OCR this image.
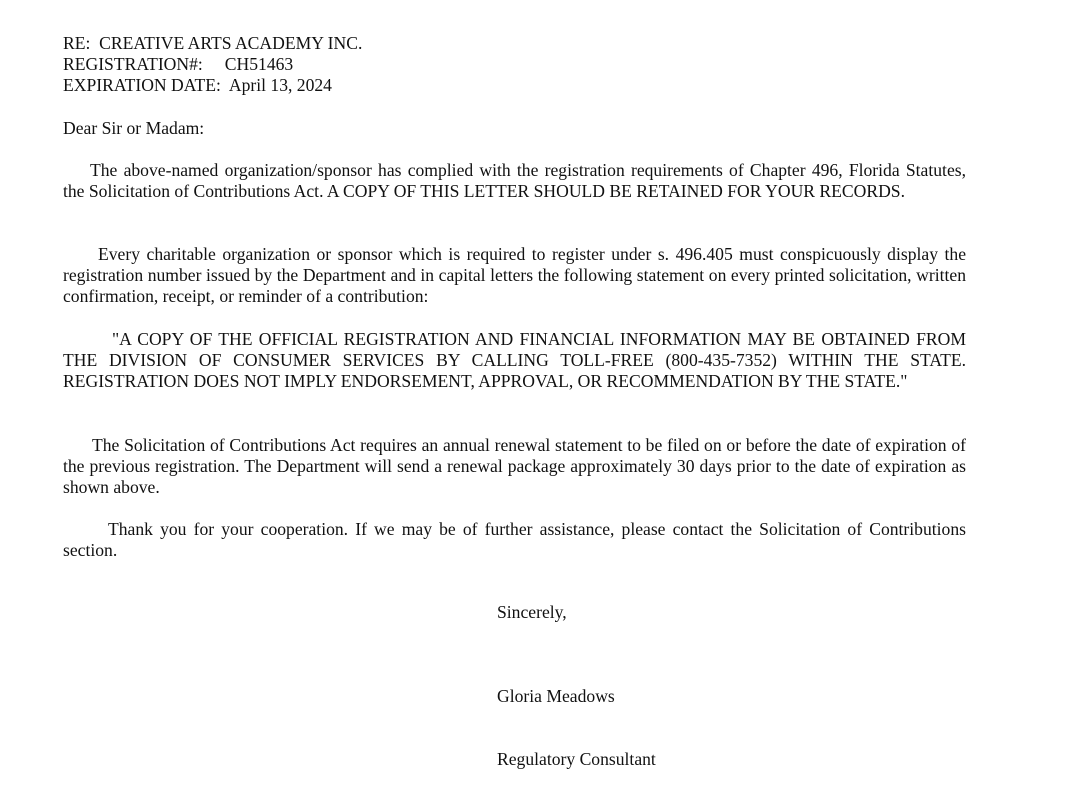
RE: CREATIVE ARTS ACADEMY INC.
REGISTRATION#: CH51463
EXPIRATION DATE: April 13, 2024

Dear Sir or Madam:

The above-named organization/sponsor has complied with the registration requirements of Chapter 496, Florida Statutes, the Solicitation of Contributions Act. A COPY OF THIS LETTER SHOULD BE RETAINED FOR YOUR RECORDS.

Every charitable organization or sponsor which is required to register under s. 496.405 must conspicuously display the registration number issued by the Department and in capital letters the following statement on every printed solicitation, written confirmation, receipt, or reminder of a contribution:

"A COPY OF THE OFFICIAL REGISTRATION AND FINANCIAL INFORMATION MAY BE OBTAINED FROM THE DIVISION OF CONSUMER SERVICES BY CALLING TOLL-FREE (800-435-7352) WITHIN THE STATE. REGISTRATION DOES NOT IMPLY ENDORSEMENT, APPROVAL, OR RECOMMENDATION BY THE STATE."

The Solicitation of Contributions Act requires an annual renewal statement to be filed on or before the date of expiration of the previous registration. The Department will send a renewal package approximately 30 days prior to the date of expiration as shown above.

Thank you for your cooperation. If we may be of further assistance, please contact the Solicitation of Contributions section.

Sincerely,

Gloria Meadows

Regulatory Consultant
